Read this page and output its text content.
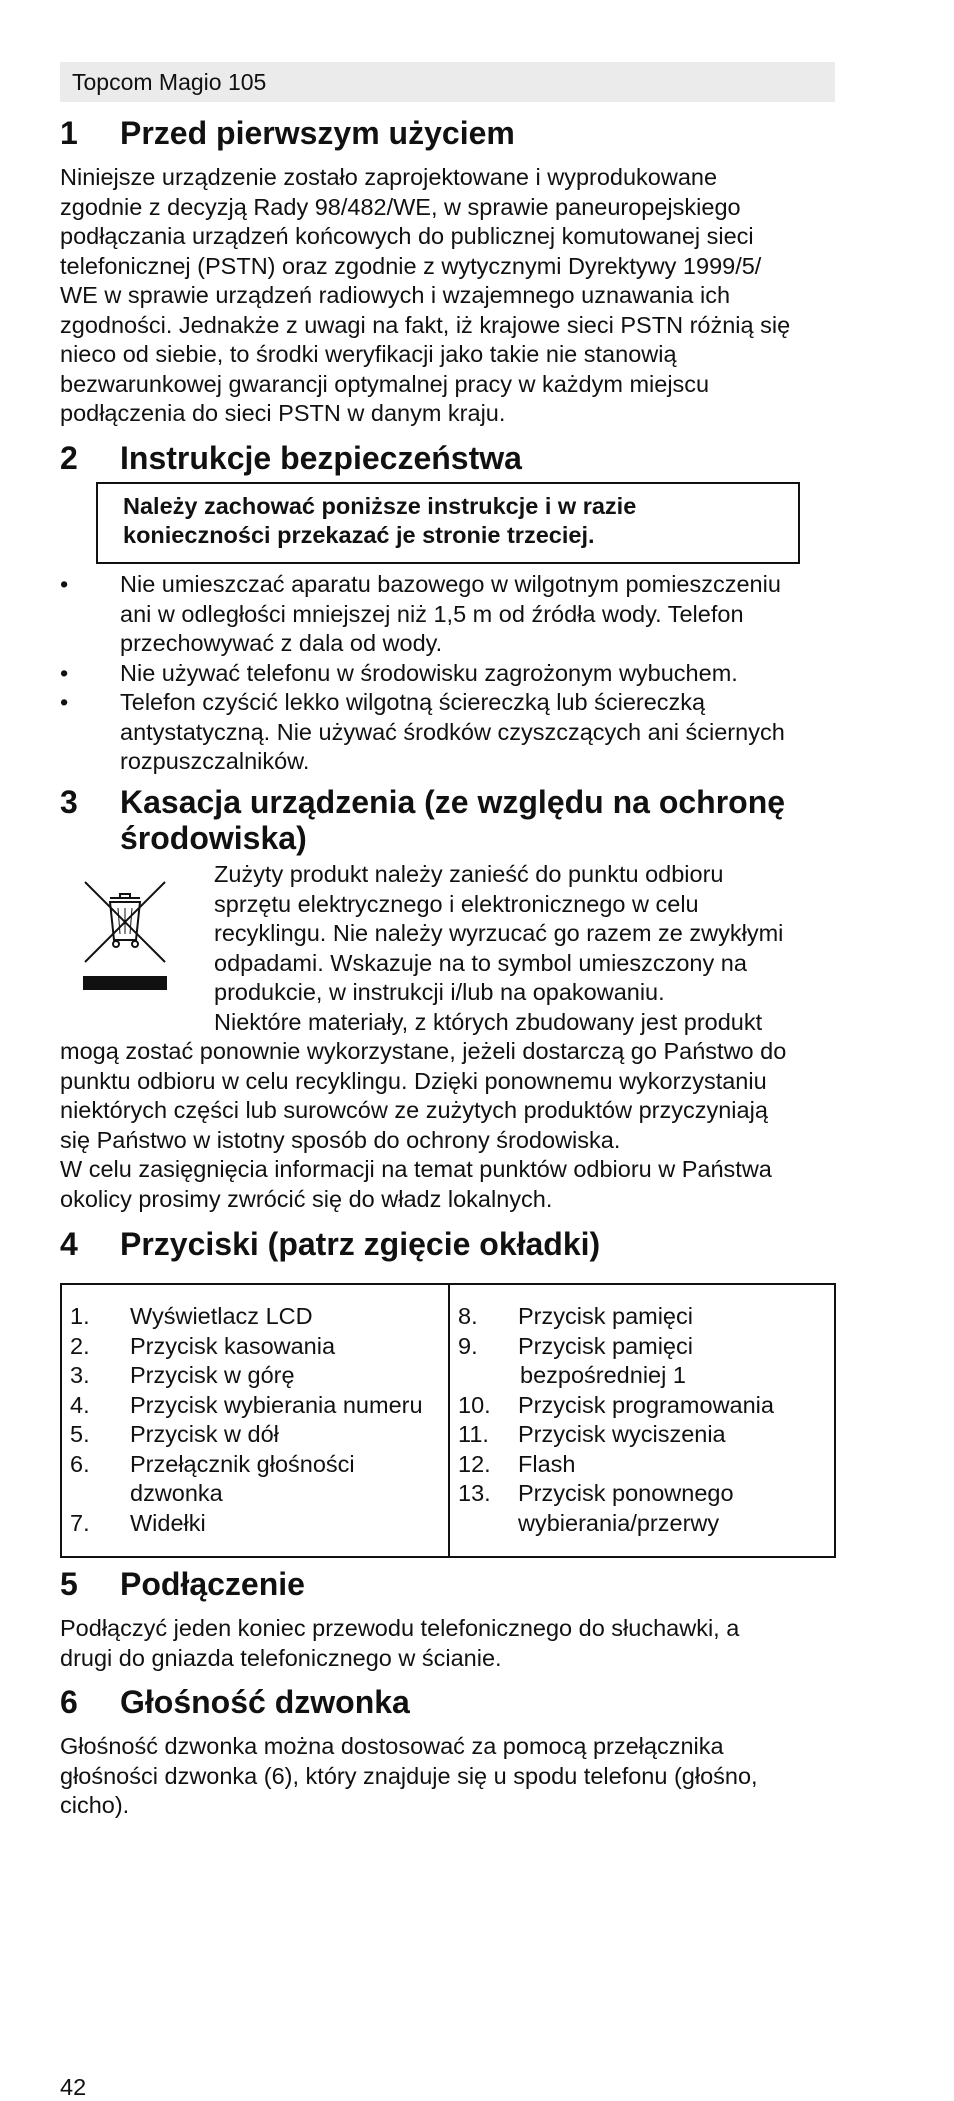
Topcom Magio 105
1 Przed pierwszym użyciem
Niniejsze urządzenie zostało zaprojektowane i wyprodukowane
zgodnie z decyzją Rady 98/482/WE, w sprawie paneuropejskiego
podłączania urządzeń końcowych do publicznej komutowanej sieci
telefonicznej (PSTN) oraz zgodnie z wytycznymi Dyrektywy 1999/5/
WE w sprawie urządzeń radiowych i wzajemnego uznawania ich
zgodności. Jednakże z uwagi na fakt, iż krajowe sieci PSTN różnią się
nieco od siebie, to środki weryfikacji jako takie nie stanowią
bezwarunkowej gwarancji optymalnej pracy w każdym miejscu
podłączenia do sieci PSTN w danym kraju.
2 Instrukcje bezpieczeństwa
Należy zachować poniższe instrukcje i w razie
konieczności przekazać je stronie trzeciej.
• Nie umieszczać aparatu bazowego w wilgotnym pomieszczeniu
ani w odległości mniejszej niż 1,5 m od źródła wody. Telefon
przechowywać z dala od wody.
• Nie używać telefonu w środowisku zagrożonym wybuchem.
• Telefon czyścić lekko wilgotną ściereczką lub ściereczką
antystatyczną. Nie używać środków czyszczących ani ściernych
rozpuszczalników.
3 Kasacja urządzenia (ze względu na ochronę
środowiska)
Zużyty produkt należy zanieść do punktu odbioru
sprzętu elektrycznego i elektronicznego w celu
recyklingu. Nie należy wyrzucać go razem ze zwykłymi
odpadami. Wskazuje na to symbol umieszczony na
produkcie, w instrukcji i/lub na opakowaniu.
Niektóre materiały, z których zbudowany jest produkt
mogą zostać ponownie wykorzystane, jeżeli dostarczą go Państwo do
punktu odbioru w celu recyklingu. Dzięki ponownemu wykorzystaniu
niektórych części lub surowców ze zużytych produktów przyczyniają
się Państwo w istotny sposób do ochrony środowiska.
W celu zasięgnięcia informacji na temat punktów odbioru w Państwa
okolicy prosimy zwrócić się do władz lokalnych.
4 Przyciski (patrz zgięcie okładki)
1.	Wyświetlacz LCD
2.	Przycisk kasowania
3.	Przycisk w górę
4.	Przycisk wybierania numeru
5.	Przycisk w dół
6.	Przełącznik głośności
dzwonka
7.	Widełki
8.	Przycisk pamięci
9.	Przycisk pamięci
bezpośredniej 1
10.	Przycisk programowania
11.	Przycisk wyciszenia
12.	Flash
13.	Przycisk ponownego
wybierania/przerwy
5 Podłączenie
Podłączyć jeden koniec przewodu telefonicznego do słuchawki, a
drugi do gniazda telefonicznego w ścianie.
6 Głośność dzwonka
Głośność dzwonka można dostosować za pomocą przełącznika
głośności dzwonka (6), który znajduje się u spodu telefonu (głośno,
cicho).
42
